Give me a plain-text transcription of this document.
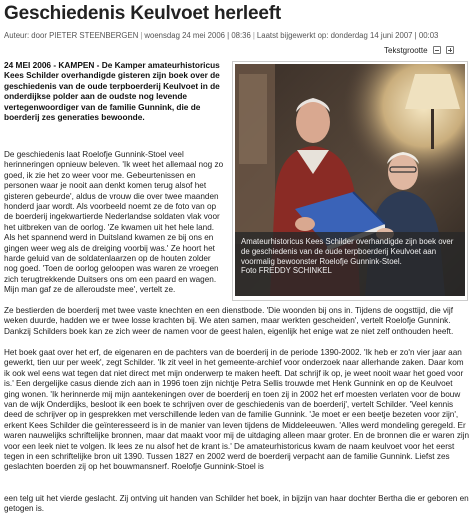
Geschiedenis Keulvoet herleeft
Auteur: door PIETER STEENBERGEN | woensdag 24 mei 2006 | 08:36 | Laatst bijgewerkt op: donderdag 14 juni 2007 | 00:03
Tekstgrootte
24 MEI 2006 - KAMPEN - De Kamper amateurhistoricus Kees Schilder overhandigde gisteren zijn boek over de geschiedenis van de oude terpboerderij Keulvoet in de onderdijkse polder aan de oudste nog levende vertegenwoordiger van de familie Gunnink, die de boerderij zes generaties bewoonde.
De geschiedenis laat Roelofje Gunnink-Stoel veel herinneringen opnieuw beleven. 'Ik weet het allemaal nog zo goed, ik zie het zo weer voor me. Gebeurtenissen en personen waar je nooit aan denkt komen terug alsof het gisteren gebeurde', aldus de vrouw die over twee maanden honderd jaar wordt. Als voorbeeld noemt ze de foto van op de boerderij ingekwartierde Nederlandse soldaten vlak voor het uitbreken van de oorlog. 'Ze kwamen uit het hele land. Als het spannend werd in Duitsland kwamen ze bij ons en gingen weer weg als de dreiging voorbij was.' Ze hoort het harde geluid van de soldatenlaarzen op de houten zolder nog goed. 'Toen de oorlog geloopen was waren ze vroegen zich terugtrekkende Duitsers ons om een paard en wagen. Mijn man gaf ze de alleroudste mee', vertelt ze.
Amateurhistoricus Kees Schilder overhandigde zijn boek over de geschiedenis van de oude terpboerderij Keulvoet aan voormalig bewoonster Roelofje Gunnink-Stoel.
Foto FREDDY SCHINKEL
Ze bestierden de boerderij met twee vaste knechten en een dienstbode. 'Die woonden bij ons in. Tijdens de oogsttijd, die vijf weken duurde, hadden we er twee losse krachten bij. We aten samen, maar werkten gescheiden', vertelt Roelofje Gunnink. Dankzij Schilders boek kan ze zich weer de namen voor de geest halen, eigenlijk het enige wat ze niet zelf onthouden heeft.
Het boek gaat over het erf, de eigenaren en de pachters van de boerderij in de periode 1390-2002. 'Ik heb er zo'n vier jaar aan gewerkt, tien uur per week', zegt Schilder. 'Ik zit veel in het gemeente-archief voor onderzoek naar allerhande zaken. Daar kom ik ook wel eens wat tegen dat niet direct met mijn onderwerp te maken heeft. Dat schrijf ik op, je weet nooit waar het goed voor is.' Een dergelijke casus diende zich aan in 1996 toen zijn nichtje Petra Sellis trouwde met Henk Gunnink en op de Keulvoet ging wonen. 'Ik herinnerde mij mijn aantekeningen over de boerderij en toen zij in 2002 het erf moesten verlaten voor de bouw van de wijk Onderdijks, besloot ik een boek te schrijven over de geschiedenis van de boerderij', vertelt Schilder. 'Veel kennis deed de schrijver op in gesprekken met verschillende leden van de familie Gunnink. 'Je moet er een beetje bezeten voor zijn', erkent Kees Schilder die geïnteresseerd is in de manier van leven tijdens de Middeleeuwen. 'Alles werd mondeling geregeld. Er waren nauwelijks schriftelijke bronnen, maar dat maakt voor mij de uitdaging alleen maar groter. En de bronnen die er waren zijn voor een leek niet te volgen. Ik lees ze nu alsof het de krant is.' De amateurhistoricus kwam de naam keulvoet voor het eerst tegen in een schriftelijke bron uit 1390. Tussen 1827 en 2002 werd de boerderij verpacht aan de familie Gunnink. Liefst zes geslachten boerden zij op het bouwmansnerf. Roelofje Gunnink-Stoel is
een telg uit het vierde geslacht. Zij ontving uit handen van Schilder het boek, in bijzijn van haar dochter Bertha die er geboren en getogen is.
